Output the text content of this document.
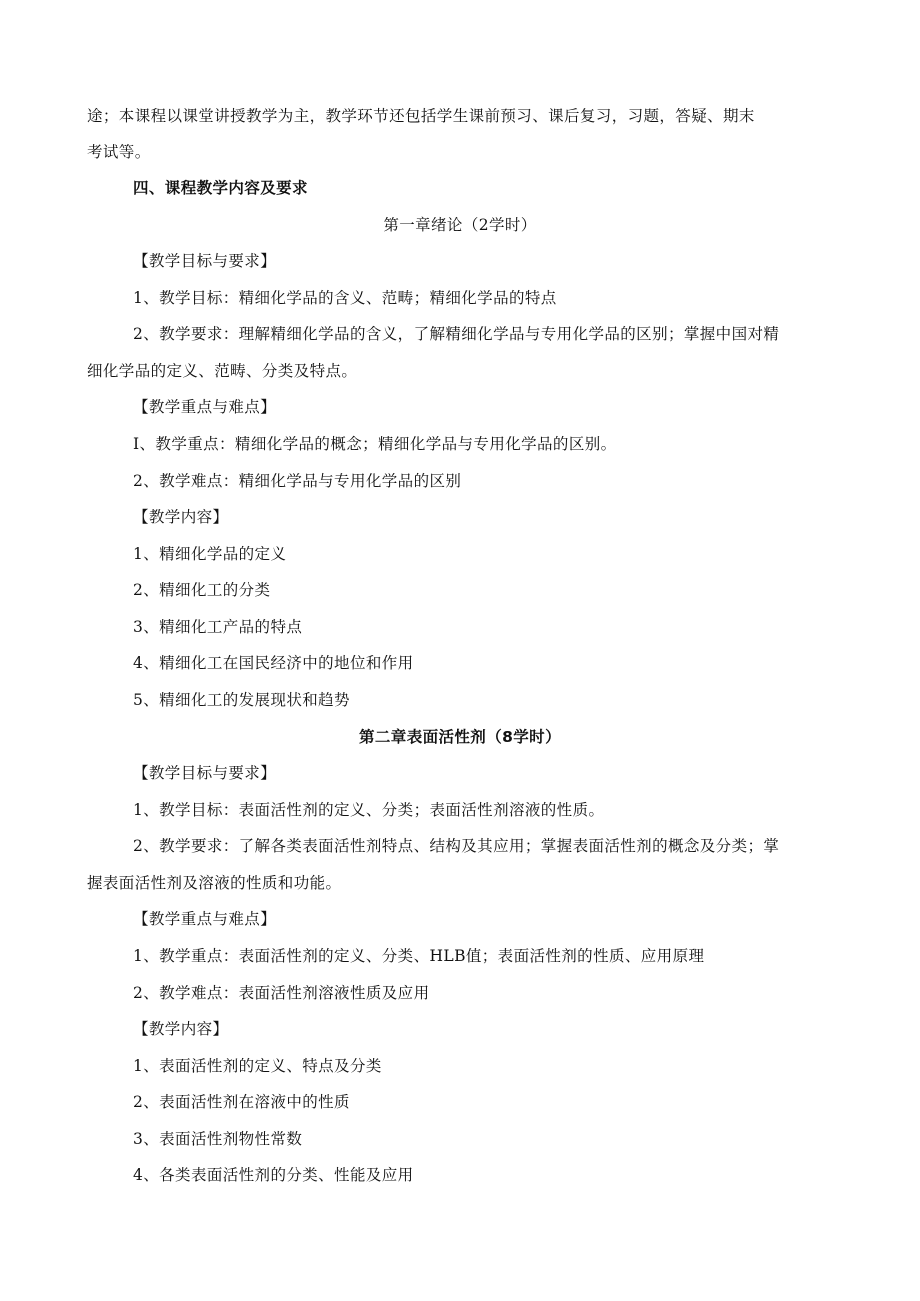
途；本课程以课堂讲授教学为主，教学环节还包括学生课前预习、课后复习，习题，答疑、期末
考试等。
四、课程教学内容及要求
第一章绪论（2学时）
【教学目标与要求】
1、教学目标：精细化学品的含义、范畴；精细化学品的特点
2、教学要求：理解精细化学品的含义，了解精细化学品与专用化学品的区别；掌握中国对精
细化学品的定义、范畴、分类及特点。
【教学重点与难点】
I、教学重点：精细化学品的概念；精细化学品与专用化学品的区别。
2、教学难点：精细化学品与专用化学品的区别
【教学内容】
1、精细化学品的定义
2、精细化工的分类
3、精细化工产品的特点
4、精细化工在国民经济中的地位和作用
5、精细化工的发展现状和趋势
第二章表面活性剂（8学时）
【教学目标与要求】
1、教学目标：表面活性剂的定义、分类；表面活性剂溶液的性质。
2、教学要求：了解各类表面活性剂特点、结构及其应用；掌握表面活性剂的概念及分类；掌
握表面活性剂及溶液的性质和功能。
【教学重点与难点】
1、教学重点：表面活性剂的定义、分类、HLB值；表面活性剂的性质、应用原理
2、教学难点：表面活性剂溶液性质及应用
【教学内容】
1、表面活性剂的定义、特点及分类
2、表面活性剂在溶液中的性质
3、表面活性剂物性常数
4、各类表面活性剂的分类、性能及应用
